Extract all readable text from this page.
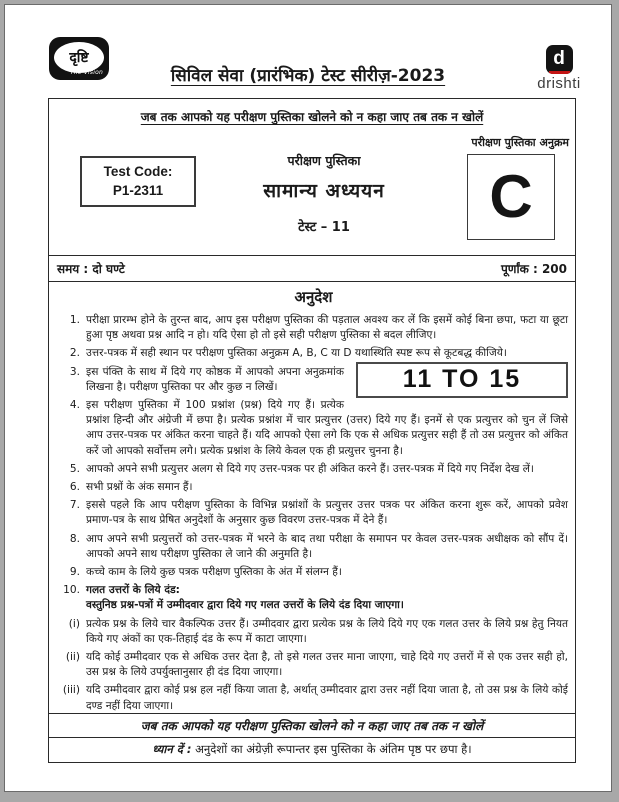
दृष्टि
The Vision	सिविल सेवा (प्रारंभिक) टेस्ट सीरीज़-2023
d
drishti
जब तक आपको यह परीक्षण पुस्तिका खोलने को न कहा जाए तब तक न खोलें
परीक्षण पुस्तिका अनुक्रम
Test Code:
P1-2311
परीक्षण पुस्तिका
सामान्य अध्ययन
टेस्ट – 11	C
समय : दो घण्टे	पूर्णांक : 200
अनुदेश
1. परीक्षा प्रारम्भ होने के तुरन्त बाद, आप इस परीक्षण पुस्तिका की पड़ताल अवश्य कर लें कि इसमें कोई बिना छपा, फटा या छूटा हुआ पृष्ठ अथवा प्रश्न आदि न हो। यदि ऐसा हो तो इसे सही परीक्षण पुस्तिका से बदल लीजिए।
2. उत्तर-पत्रक में सही स्थान पर परीक्षण पुस्तिका अनुक्रम A, B, C या D यथास्थिति स्पष्ट रूप से कूटबद्ध कीजिये।
11 TO 15
3. इस पंक्ति के साथ में दिये गए कोष्ठक में आपको अपना अनुक्रमांक लिखना है। परीक्षण पुस्तिका पर और कुछ न लिखें।
4. इस परीक्षण पुस्तिका में 100 प्रश्नांश (प्रश्न) दिये गए हैं। प्रत्येक प्रश्नांश हिन्दी और अंग्रेजी में छपा है। प्रत्येक प्रश्नांश में चार प्रत्युत्तर (उत्तर) दिये गए हैं। इनमें से एक प्रत्युत्तर को चुन लें जिसे आप उत्तर-पत्रक पर अंकित करना चाहते हैं। यदि आपको ऐसा लगे कि एक से अधिक प्रत्युत्तर सही हैं तो उस प्रत्युत्तर को अंकित करें जो आपको सर्वोत्तम लगे। प्रत्येक प्रश्नांश के लिये केवल एक ही प्रत्युत्तर चुनना है।
5. आपको अपने सभी प्रत्युत्तर अलग से दिये गए उत्तर-पत्रक पर ही अंकित करने हैं। उत्तर-पत्रक में दिये गए निर्देश देख लें।
6. सभी प्रश्नों के अंक समान हैं।
7. इससे पहले कि आप परीक्षण पुस्तिका के विभिन्न प्रश्नांशों के प्रत्युत्तर उत्तर पत्रक पर अंकित करना शुरू करें, आपको प्रवेश प्रमाण-पत्र के साथ प्रेषित अनुदेशों के अनुसार कुछ विवरण उत्तर-पत्रक में देने हैं।
8. आप अपने सभी प्रत्युत्तरों को उत्तर-पत्रक में भरने के बाद तथा परीक्षा के समापन पर केवल उत्तर-पत्रक अधीक्षक को सौंप दें। आपको अपने साथ परीक्षण पुस्तिका ले जाने की अनुमति है।
9. कच्चे काम के लिये कुछ पत्रक परीक्षण पुस्तिका के अंत में संलग्न हैं।
10. गलत उत्तरों के लिये दंड:
वस्तुनिष्ठ प्रश्न-पत्रों में उम्मीदवार द्वारा दिये गए गलत उत्तरों के लिये दंड दिया जाएगा।
(i) प्रत्येक प्रश्न के लिये चार वैकल्पिक उत्तर हैं। उम्मीदवार द्वारा प्रत्येक प्रश्न के लिये दिये गए एक गलत उत्तर के लिये प्रश्न हेतु नियत किये गए अंकों का एक-तिहाई दंड के रूप में काटा जाएगा।
(ii) यदि कोई उम्मीदवार एक से अधिक उत्तर देता है, तो इसे गलत उत्तर माना जाएगा, चाहे दिये गए उत्तरों में से एक उत्तर सही हो, उस प्रश्न के लिये उपर्युक्तानुसार ही दंड दिया जाएगा।
(iii) यदि उम्मीदवार द्वारा कोई प्रश्न हल नहीं किया जाता है, अर्थात् उम्मीदवार द्वारा उत्तर नहीं दिया जाता है, तो उस प्रश्न के लिये कोई दण्ड नहीं दिया जाएगा।
जब तक आपको यह परीक्षण पुस्तिका खोलने को न कहा जाए तब तक न खोलें
ध्यान दें : अनुदेशों का अंग्रेज़ी रूपान्तर इस पुस्तिका के अंतिम पृष्ठ पर छपा है।
